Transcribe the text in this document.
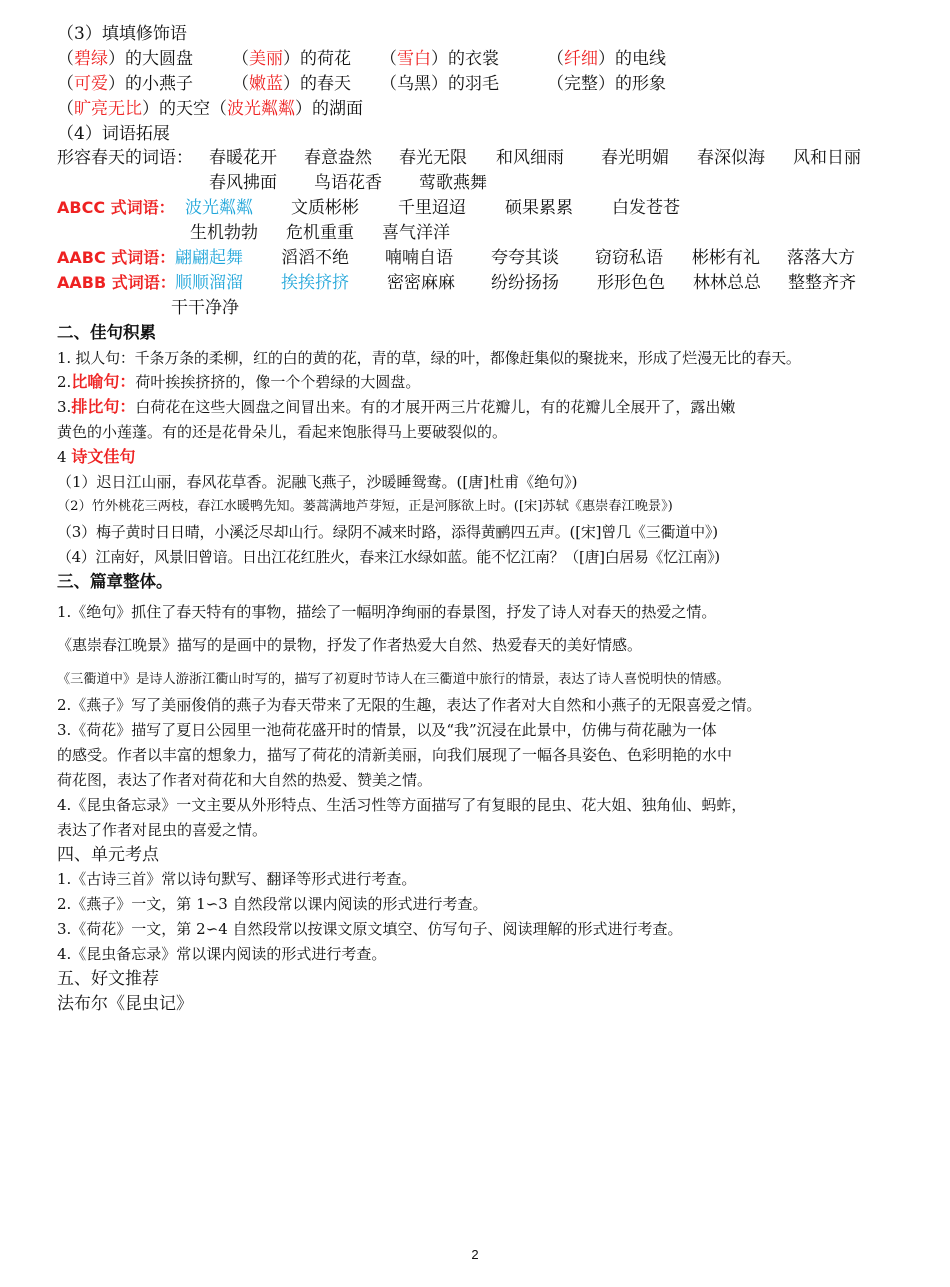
（3）填填修饰语
（碧绿）的大圆盘 （美丽）的荷花 （雪白）的衣裳	（纤细）的电线
（可爱）的小燕子 （嫩蓝）的春天 （乌黑）的羽毛	（完整）的形象
（旷亮无比）的天空（波光粼粼）的湖面
（4）词语拓展
形容春天的词语： 春暖花开 春意盎然 春光无限 和风细雨 春光明媚 春深似海 风和日丽
春风拂面 鸟语花香 莺歌燕舞
ABCC 式词语： 波光粼粼 文质彬彬 千里迢迢 硕果累累 白发苍苍
生机勃勃 危机重重 喜气洋洋
AABC 式词语：翩翩起舞 滔滔不绝 喃喃自语 夸夸其谈 窃窃私语 彬彬有礼 落落大方
AABB 式词语：顺顺溜溜 挨挨挤挤 密密麻麻 纷纷扬扬 形形色色 林林总总 整整齐齐
干干净净
二、佳句积累
1. 拟人句：千条万条的柔柳，红的白的黄的花，青的草，绿的叶，都像赶集似的聚拢来，形成了烂漫无比的春天。
2.比喻句：荷叶挨挨挤挤的，像一个个碧绿的大圆盘。
3.排比句：白荷花在这些大圆盘之间冒出来。有的才展开两三片花瓣儿，有的花瓣儿全展开了，露出嫩
黄色的小莲蓬。有的还是花骨朵儿，看起来饱胀得马上要破裂似的。
4 诗文佳句
（1）迟日江山丽，春风花草香。泥融飞燕子，沙暖睡鸳鸯。([唐]杜甫《绝句》)
（2）竹外桃花三两枝，春江水暖鸭先知。蒌蒿满地芦芽短，正是河豚欲上时。([宋]苏轼《惠崇春江晚景》)
（3）梅子黄时日日晴，小溪泛尽却山行。绿阴不减来时路，添得黄鹂四五声。([宋]曾几《三衢道中》)
（4）江南好，风景旧曾谙。日出江花红胜火，春来江水绿如蓝。能不忆江南？（[唐]白居易《忆江南》)
三、篇章整体。
1.《绝句》抓住了春天特有的事物，描绘了一幅明净绚丽的春景图，抒发了诗人对春天的热爱之情。
《惠崇春江晚景》描写的是画中的景物，抒发了作者热爱大自然、热爱春天的美好情感。
《三衢道中》是诗人游浙江衢山时写的，描写了初夏时节诗人在三衢道中旅行的情景，表达了诗人喜悦明快的情感。
2.《燕子》写了美丽俊俏的燕子为春天带来了无限的生趣，表达了作者对大自然和小燕子的无限喜爱之情。
3.《荷花》描写了夏日公园里一池荷花盛开时的情景，以及“我”沉浸在此景中，仿佛与荷花融为一体
的感受。作者以丰富的想象力，描写了荷花的清新美丽，向我们展现了一幅各具姿色、色彩明艳的水中
荷花图，表达了作者对荷花和大自然的热爱、赞美之情。
4.《昆虫备忘录》一文主要从外形特点、生活习性等方面描写了有复眼的昆虫、花大姐、独角仙、蚂蚱，
表达了作者对昆虫的喜爱之情。
四、单元考点
1.《古诗三首》常以诗句默写、翻译等形式进行考查。
2.《燕子》一文，第 1∽3 自然段常以课内阅读的形式进行考查。
3.《荷花》一文，第 2∽4 自然段常以按课文原文填空、仿写句子、阅读理解的形式进行考查。
4.《昆虫备忘录》常以课内阅读的形式进行考查。
五、好文推荐
法布尔《昆虫记》
2
